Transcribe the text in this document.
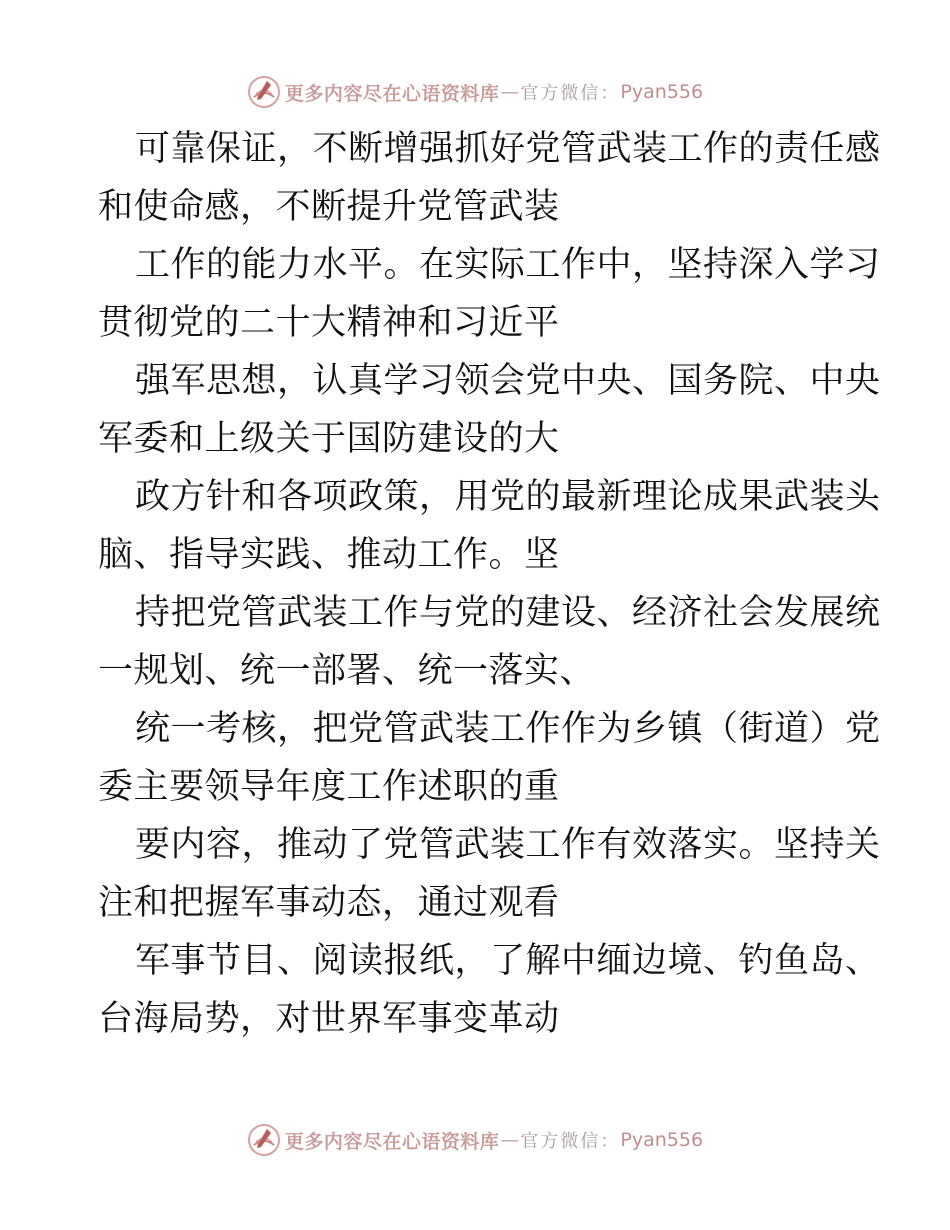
更多内容尽在心语资料库 — 官方微信： Pyan556
可靠保证，不断增强抓好党管武装工作的责任感
和使命感，不断提升党管武装
工作的能力水平。在实际工作中，坚持深入学习
贯彻党的二十大精神和习近平
强军思想，认真学习领会党中央、国务院、中央
军委和上级关于国防建设的大
政方针和各项政策，用党的最新理论成果武装头
脑、指导实践、推动工作。坚
持把党管武装工作与党的建设、经济社会发展统
一规划、统一部署、统一落实、
统一考核，把党管武装工作作为乡镇（街道）党
委主要领导年度工作述职的重
要内容，推动了党管武装工作有效落实。坚持关
注和把握军事动态，通过观看
军事节目、阅读报纸，了解中缅边境、钓鱼岛、
台海局势，对世界军事变革动
更多内容尽在心语资料库 — 官方微信： Pyan556
